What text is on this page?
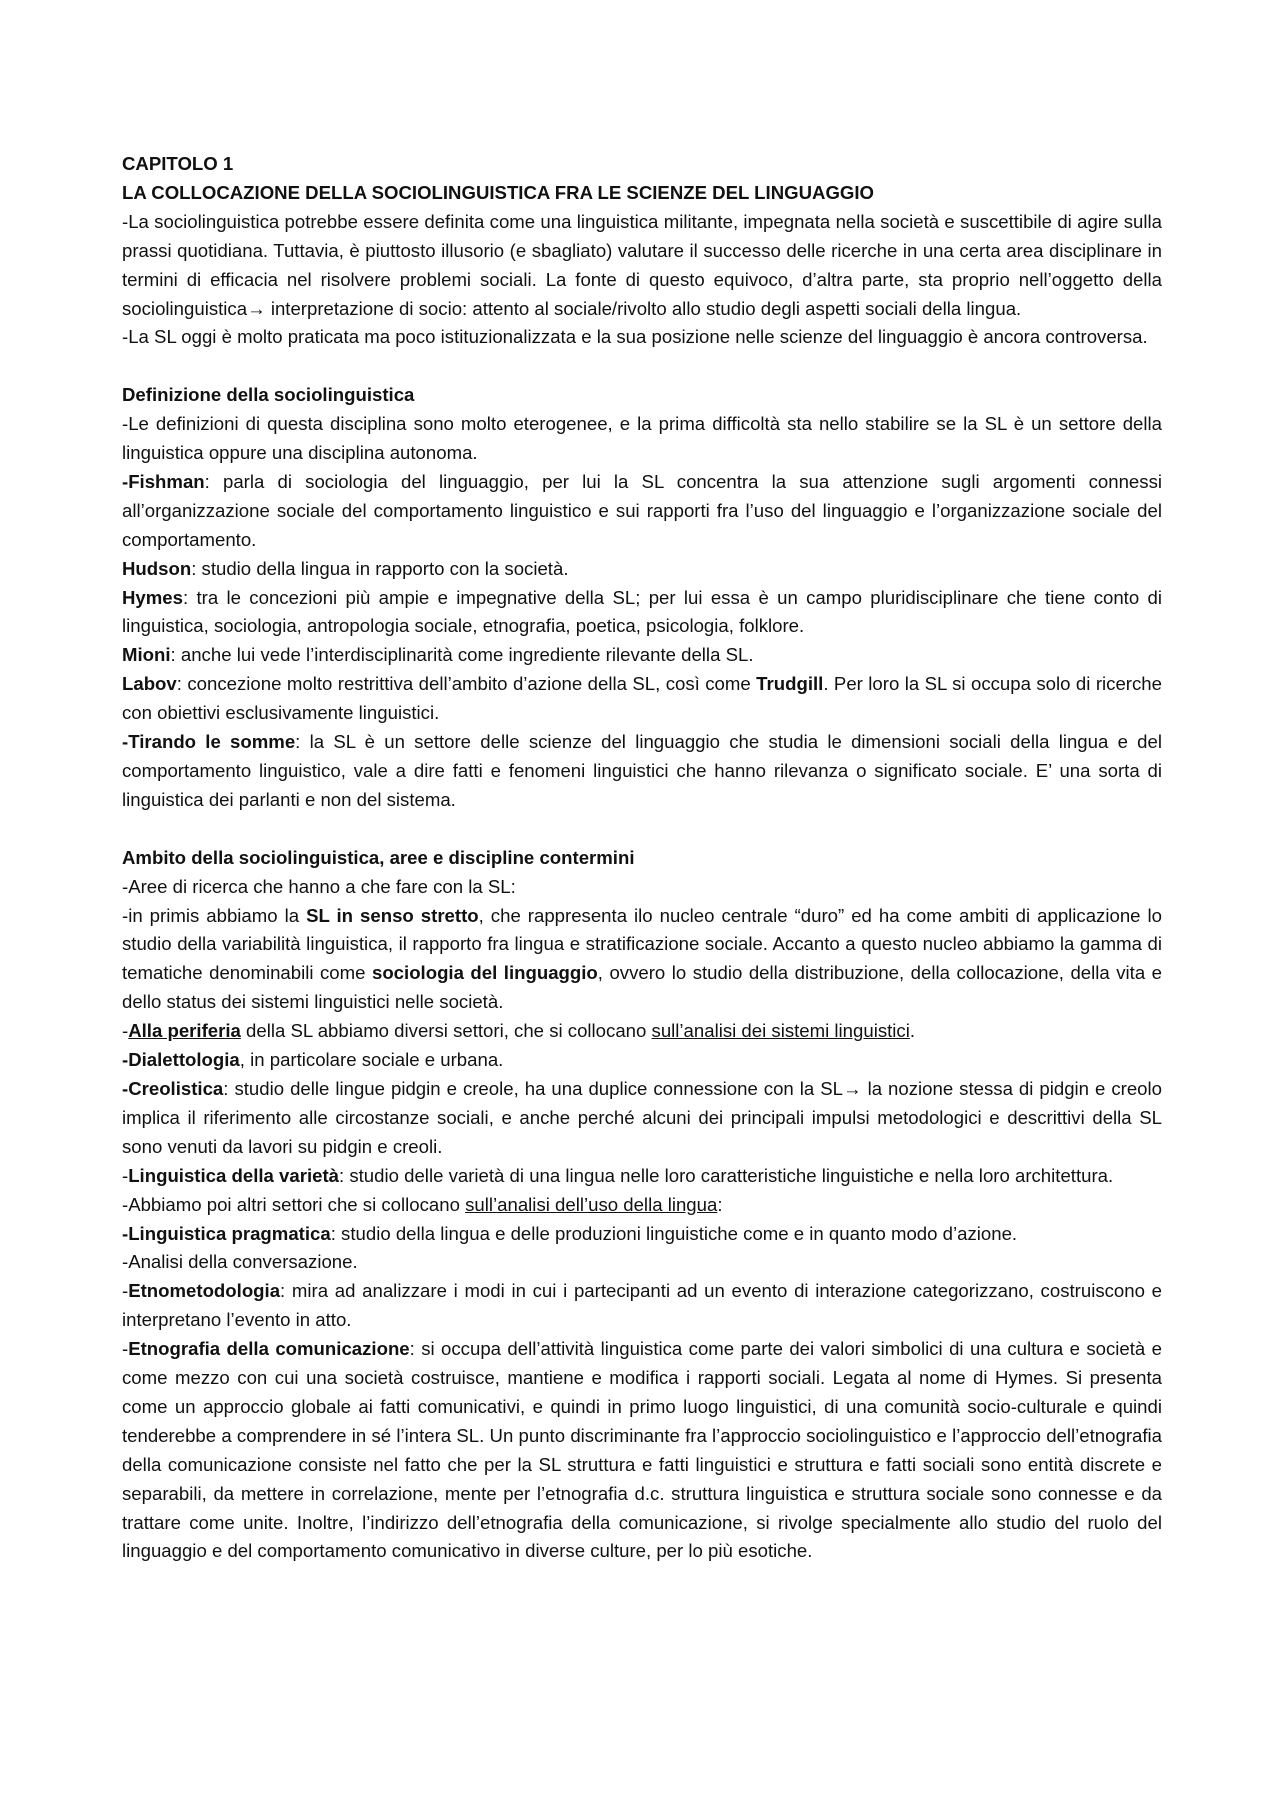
CAPITOLO 1

LA COLLOCAZIONE DELLA SOCIOLINGUISTICA FRA LE SCIENZE DEL LINGUAGGIO

-La sociolinguistica potrebbe essere definita come una linguistica militante, impegnata nella società e suscettibile di agire sulla prassi quotidiana. Tuttavia, è piuttosto illusorio (e sbagliato) valutare il successo delle ricerche in una certa area disciplinare in termini di efficacia nel risolvere problemi sociali. La fonte di questo equivoco, d’altra parte, sta proprio nell’oggetto della sociolinguistica→ interpretazione di socio: attento al sociale/rivolto allo studio degli aspetti sociali della lingua.

-La SL oggi è molto praticata ma poco istituzionalizzata e la sua posizione nelle scienze del linguaggio è ancora controversa.

Definizione della sociolinguistica

-Le definizioni di questa disciplina sono molto eterogenee, e la prima difficoltà sta nello stabilire se la SL è un settore della linguistica oppure una disciplina autonoma.

-Fishman: parla di sociologia del linguaggio, per lui la SL concentra la sua attenzione sugli argomenti connessi all’organizzazione sociale del comportamento linguistico e sui rapporti fra l’uso del linguaggio e l’organizzazione sociale del comportamento.

Hudson: studio della lingua in rapporto con la società.

Hymes: tra le concezioni più ampie e impegnative della SL; per lui essa è un campo pluridisciplinare che tiene conto di linguistica, sociologia, antropologia sociale, etnografia, poetica, psicologia, folklore.

Mioni: anche lui vede l’interdisciplinarità come ingrediente rilevante della SL.

Labov: concezione molto restrittiva dell’ambito d’azione della SL, così come Trudgill. Per loro la SL si occupa solo di ricerche con obiettivi esclusivamente linguistici.

-Tirando le somme: la SL è un settore delle scienze del linguaggio che studia le dimensioni sociali della lingua e del comportamento linguistico, vale a dire fatti e fenomeni linguistici che hanno rilevanza o significato sociale. E’ una sorta di linguistica dei parlanti e non del sistema.

Ambito della sociolinguistica, aree e discipline contermini

-Aree di ricerca che hanno a che fare con la SL:

-in primis abbiamo la SL in senso stretto, che rappresenta ilo nucleo centrale “duro” ed ha come ambiti di applicazione lo studio della variabilità linguistica, il rapporto fra lingua e stratificazione sociale. Accanto a questo nucleo abbiamo la gamma di tematiche denominabili come sociologia del linguaggio, ovvero lo studio della distribuzione, della collocazione, della vita e dello status dei sistemi linguistici nelle società.

-Alla periferia della SL abbiamo diversi settori, che si collocano sull’analisi dei sistemi linguistici.

-Dialettologia, in particolare sociale e urbana.

-Creolistica: studio delle lingue pidgin e creole, ha una duplice connessione con la SL→ la nozione stessa di pidgin e creolo implica il riferimento alle circostanze sociali, e anche perché alcuni dei principali impulsi metodologici e descrittivi della SL sono venuti da lavori su pidgin e creoli.

-Linguistica della varietà: studio delle varietà di una lingua nelle loro caratteristiche linguistiche e nella loro architettura.

-Abbiamo poi altri settori che si collocano sull’analisi dell’uso della lingua:

-Linguistica pragmatica: studio della lingua e delle produzioni linguistiche come e in quanto modo d’azione.

-Analisi della conversazione.

-Etnometodologia: mira ad analizzare i modi in cui i partecipanti ad un evento di interazione categorizzano, costruiscono e interpretano l’evento in atto.

-Etnografia della comunicazione: si occupa dell’attività linguistica come parte dei valori simbolici di una cultura e società e come mezzo con cui una società costruisce, mantiene e modifica i rapporti sociali. Legata al nome di Hymes. Si presenta come un approccio globale ai fatti comunicativi, e quindi in primo luogo linguistici, di una comunità socio-culturale e quindi tenderebbe a comprendere in sé l’intera SL. Un punto discriminante fra l’approccio sociolinguistico e l’approccio dell’etnografia della comunicazione consiste nel fatto che per la SL struttura e fatti linguistici e struttura e fatti sociali sono entità discrete e separabili, da mettere in correlazione, mente per l’etnografia d.c. struttura linguistica e struttura sociale sono connesse e da trattare come unite. Inoltre, l’indirizzo dell’etnografia della comunicazione, si rivolge specialmente allo studio del ruolo del linguaggio e del comportamento comunicativo in diverse culture, per lo più esotiche.
